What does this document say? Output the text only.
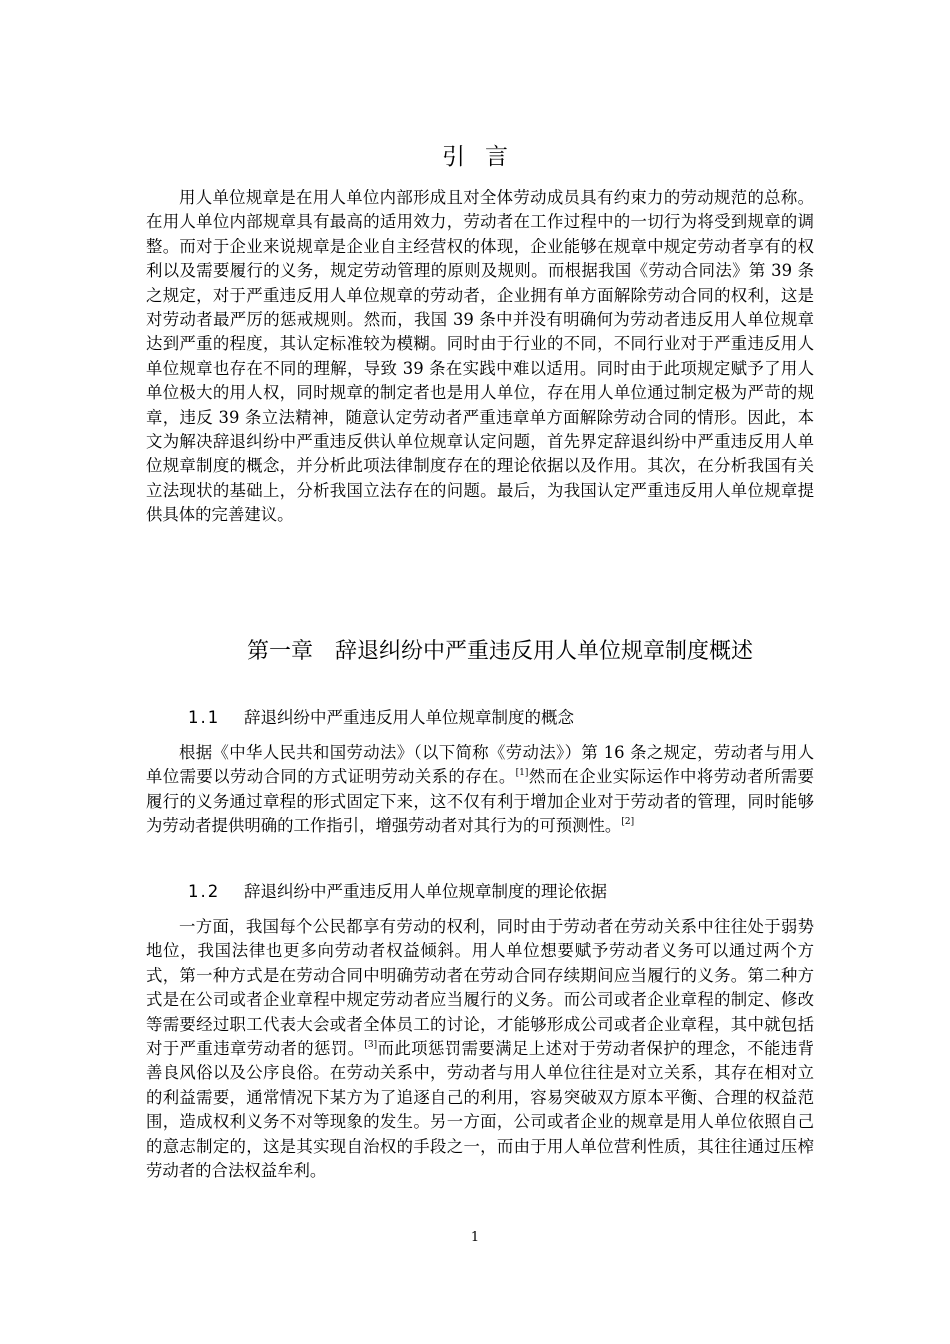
引言

用人单位规章是在用人单位内部形成且对全体劳动成员具有约束力的劳动规范的总称。在用人单位内部规章具有最高的适用效力，劳动者在工作过程中的一切行为将受到规章的调整。而对于企业来说规章是企业自主经营权的体现，企业能够在规章中规定劳动者享有的权利以及需要履行的义务，规定劳动管理的原则及规则。而根据我国《劳动合同法》第 39 条之规定，对于严重违反用人单位规章的劳动者，企业拥有单方面解除劳动合同的权利，这是对劳动者最严厉的惩戒规则。然而，我国 39 条中并没有明确何为劳动者违反用人单位规章达到严重的程度，其认定标准较为模糊。同时由于行业的不同，不同行业对于严重违反用人单位规章也存在不同的理解，导致 39 条在实践中难以适用。同时由于此项规定赋予了用人单位极大的用人权，同时规章的制定者也是用人单位，存在用人单位通过制定极为严苛的规章，违反 39 条立法精神，随意认定劳动者严重违章单方面解除劳动合同的情形。因此，本文为解决辞退纠纷中严重违反供认单位规章认定问题，首先界定辞退纠纷中严重违反用人单位规章制度的概念，并分析此项法律制度存在的理论依据以及作用。其次，在分析我国有关立法现状的基础上，分析我国立法存在的问题。最后，为我国认定严重违反用人单位规章提供具体的完善建议。

第一章 辞退纠纷中严重违反用人单位规章制度概述
1.1 辞退纠纷中严重违反用人单位规章制度的概念

根据《中华人民共和国劳动法》（以下简称《劳动法》）第 16 条之规定，劳动者与用人单位需要以劳动合同的方式证明劳动关系的存在。[1]然而在企业实际运作中将劳动者所需要履行的义务通过章程的形式固定下来，这不仅有利于增加企业对于劳动者的管理，同时能够为劳动者提供明确的工作指引，增强劳动者对其行为的可预测性。[2]

1.2 辞退纠纷中严重违反用人单位规章制度的理论依据

一方面，我国每个公民都享有劳动的权利，同时由于劳动者在劳动关系中往往处于弱势地位，我国法律也更多向劳动者权益倾斜。用人单位想要赋予劳动者义务可以通过两个方式，第一种方式是在劳动合同中明确劳动者在劳动合同存续期间应当履行的义务。第二种方式是在公司或者企业章程中规定劳动者应当履行的义务。而公司或者企业章程的制定、修改等需要经过职工代表大会或者全体员工的讨论，才能够形成公司或者企业章程，其中就包括对于严重违章劳动者的惩罚。[3]而此项惩罚需要满足上述对于劳动者保护的理念，不能违背善良风俗以及公序良俗。在劳动关系中，劳动者与用人单位往往是对立关系，其存在相对立的利益需要，通常情况下某方为了追逐自己的利用，容易突破双方原本平衡、合理的权益范围，造成权利义务不对等现象的发生。另一方面，公司或者企业的规章是用人单位依照自己的意志制定的，这是其实现自治权的手段之一，而由于用人单位营利性质，其往往通过压榨劳动者的合法权益牟利。

1
